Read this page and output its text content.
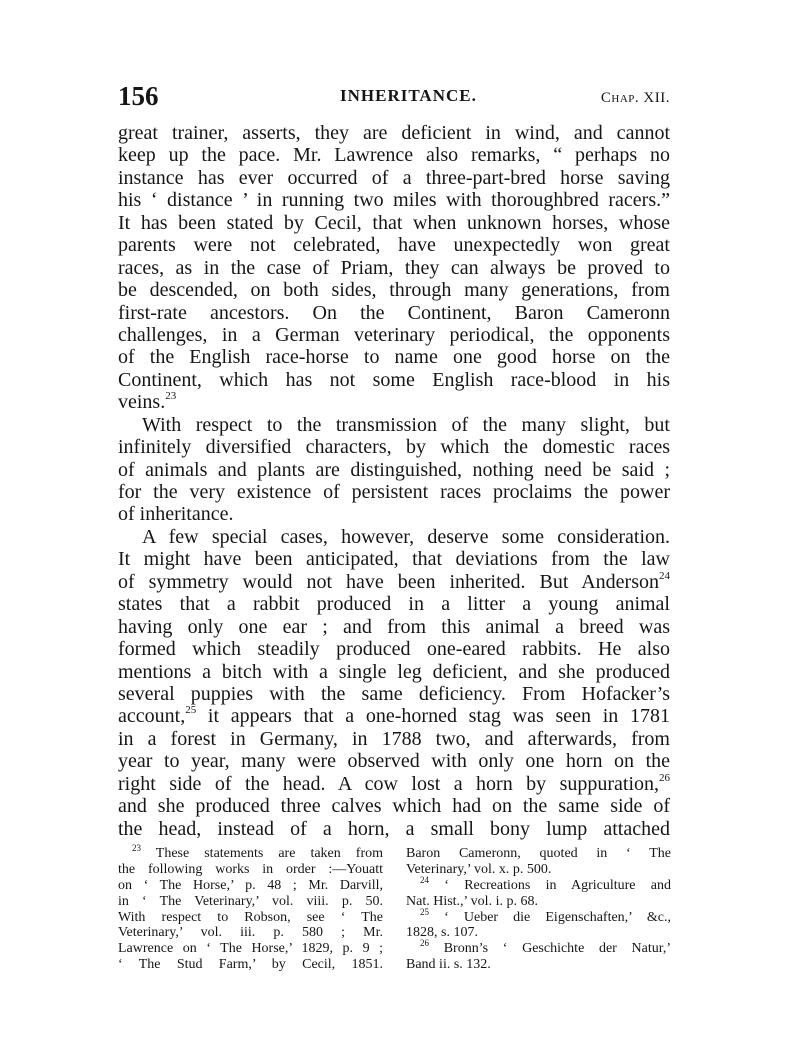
156	INHERITANCE.	Chap. XII.
great trainer, asserts, they are deficient in wind, and cannot
keep up the pace. Mr. Lawrence also remarks, “ perhaps no
instance has ever occurred of a three-part-bred horse saving
his ‘ distance ’ in running two miles with thoroughbred racers.”
It has been stated by Cecil, that when unknown horses, whose
parents were not celebrated, have unexpectedly won great
races, as in the case of Priam, they can always be proved to
be descended, on both sides, through many generations, from
first-rate ancestors. On the Continent, Baron Cameronn
challenges, in a German veterinary periodical, the opponents
of the English race-horse to name one good horse on the
Continent, which has not some English race-blood in his
veins.$^{23}$
With respect to the transmission of the many slight, but
infinitely diversified characters, by which the domestic races
of animals and plants are distinguished, nothing need be said ;
for the very existence of persistent races proclaims the power
of inheritance.
A few special cases, however, deserve some consideration.
It might have been anticipated, that deviations from the law
of symmetry would not have been inherited. But Anderson$^{24}$
states that a rabbit produced in a litter a young animal
having only one ear ; and from this animal a breed was
formed which steadily produced one-eared rabbits. He also
mentions a bitch with a single leg deficient, and she produced
several puppies with the same deficiency. From Hofacker’s
account,$^{25}$ it appears that a one-horned stag was seen in 1781
in a forest in Germany, in 1788 two, and afterwards, from
year to year, many were observed with only one horn on the
right side of the head. A cow lost a horn by suppuration,$^{26}$
and she produced three calves which had on the same side of
the head, instead of a horn, a small bony lump attached
$^{23}$ These statements are taken from
the following works in order :—Youatt
on ‘ The Horse,’ p. 48 ; Mr. Darvill,
in ‘ The Veterinary,’ vol. viii. p. 50.
With respect to Robson, see ‘ The
Veterinary,’ vol. iii. p. 580 ; Mr.
Lawrence on ‘ The Horse,’ 1829, p. 9 ;
‘ The Stud Farm,’ by Cecil, 1851.
Baron Cameronn, quoted in ‘ The
Veterinary,’ vol. x. p. 500.
$^{24}$ ‘ Recreations in Agriculture and
Nat. Hist.,’ vol. i. p. 68.
$^{25}$ ‘ Ueber die Eigenschaften,’ &c.,
1828, s. 107.
$^{26}$ Bronn’s ‘ Geschichte der Natur,’
Band ii. s. 132.
